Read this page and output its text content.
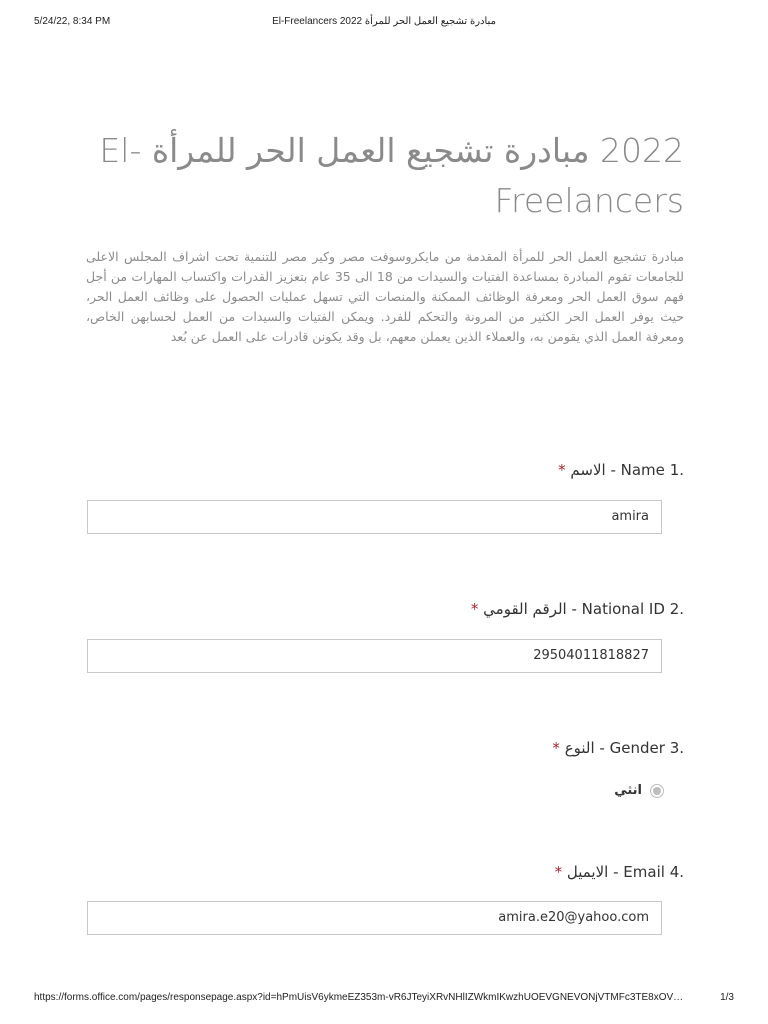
5/24/22, 8:34 PM	El-Freelancers مبادرة تشجيع العمل الحر للمرأة 2022
2022 مبادرة تشجيع العمل الحر للمرأة -El Freelancers

مبادرة تشجيع العمل الحر للمرأة المقدمة من مايكروسوفت مصر وكير مصر للتنمية تحت اشراف المجلس الاعلى للجامعات تقوم المبادرة بمساعدة الفتيات والسيدات من 18 الى 35 عام بتعزيز القدرات واكتساب المهارات من أجل فهم سوق العمل الحر ومعرفة الوظائف الممكنة والمنصات التي تسهل عمليات الحصول على وظائف العمل الحر، حيث يوفر العمل الحر الكثير من المرونة والتحكم للفرد. ويمكن الفتيات والسيدات من العمل لحسابهن الخاص، ومعرفة العمل الذي يقومن به، والعملاء الذين يعملن معهم، بل وقد يكونن قادرات على العمل عن بُعد

1. Name - الاسم *
amira
2. National ID - الرقم القومي *
29504011818827
3. Gender - النوع *
انثي
4. Email - الايميل *
amira.e20@yahoo.com
https://forms.office.com/pages/responsepage.aspx?id=hPmUisV6ykmeEZ353m-vR6JTeyiXRvNHlIZWkmIKwzhUOEVGNEVONjVTMFc3TE8xOV…	1/3
